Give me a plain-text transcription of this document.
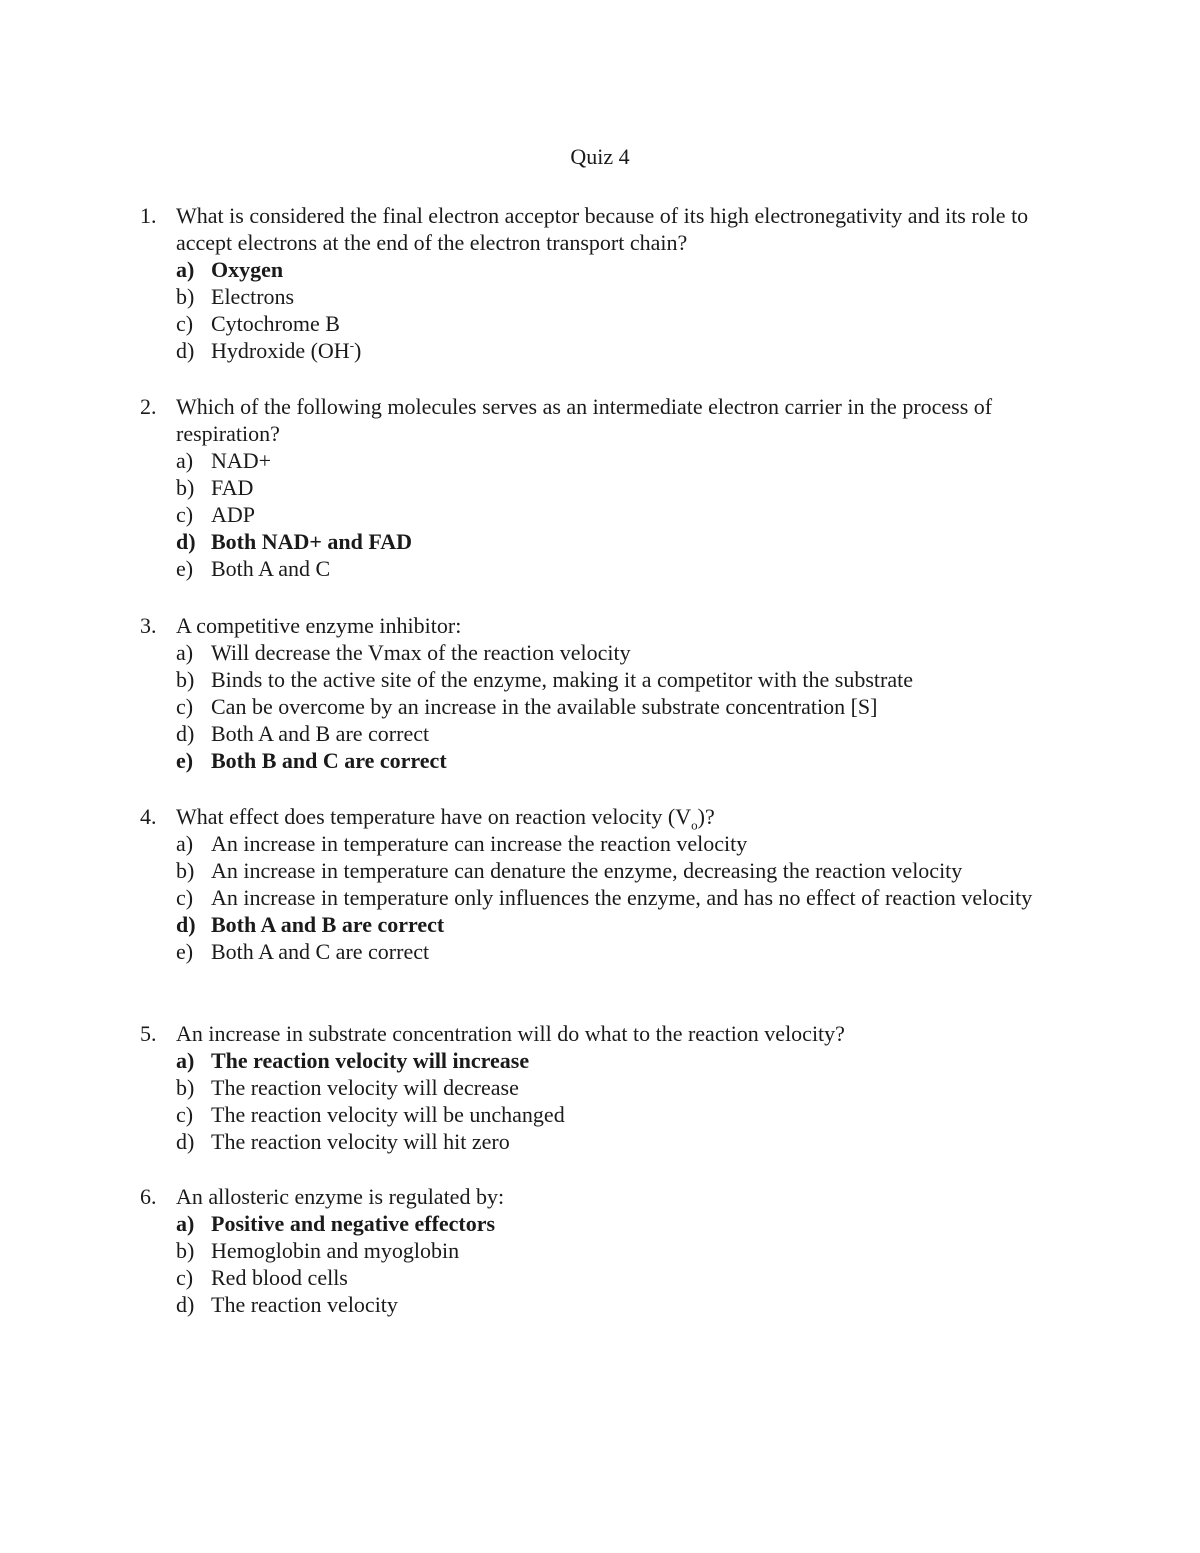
Quiz 4
1. What is considered the final electron acceptor because of its high electronegativity and its role to accept electrons at the end of the electron transport chain?
a) Oxygen
b) Electrons
c) Cytochrome B
d) Hydroxide (OH-)
2. Which of the following molecules serves as an intermediate electron carrier in the process of respiration?
a) NAD+
b) FAD
c) ADP
d) Both NAD+ and FAD
e) Both A and C
3. A competitive enzyme inhibitor:
a) Will decrease the Vmax of the reaction velocity
b) Binds to the active site of the enzyme, making it a competitor with the substrate
c) Can be overcome by an increase in the available substrate concentration [S]
d) Both A and B are correct
e) Both B and C are correct
4. What effect does temperature have on reaction velocity $(V_o)$?
a) An increase in temperature can increase the reaction velocity
b) An increase in temperature can denature the enzyme, decreasing the reaction velocity
c) An increase in temperature only influences the enzyme, and has no effect of reaction velocity
d) Both A and B are correct
e) Both A and C are correct
5. An increase in substrate concentration will do what to the reaction velocity?
a) The reaction velocity will increase
b) The reaction velocity will decrease
c) The reaction velocity will be unchanged
d) The reaction velocity will hit zero
6. An allosteric enzyme is regulated by:
a) Positive and negative effectors
b) Hemoglobin and myoglobin
c) Red blood cells
d) The reaction velocity
